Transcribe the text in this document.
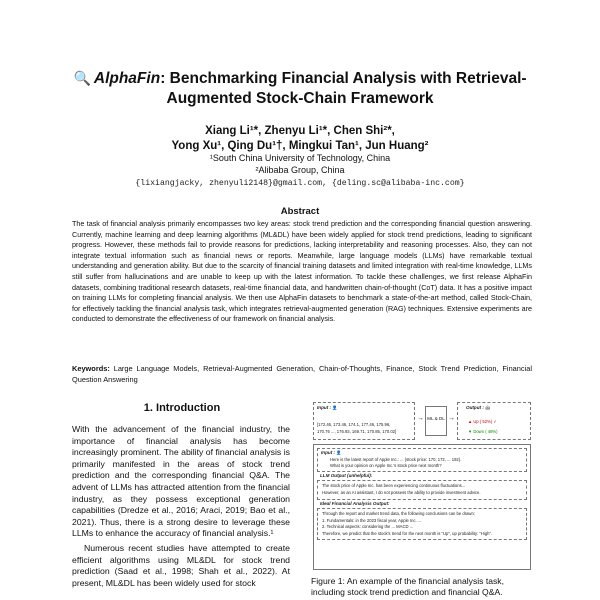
🔍 AlphaFin: Benchmarking Financial Analysis with Retrieval-Augmented Stock-Chain Framework
Xiang Li¹*, Zhenyu Li¹*, Chen Shi²*,
Yong Xu¹, Qing Du¹†, Mingkui Tan¹, Jun Huang²
¹South China University of Technology, China
²Alibaba Group, China
{lixiangjacky, zhenyuli2148}@gmail.com, {deling.sc@alibaba-inc.com}
Abstract
The task of financial analysis primarily encompasses two key areas: stock trend prediction and the corresponding financial question answering. Currently, machine learning and deep learning algorithms (ML&DL) have been widely applied for stock trend predictions, leading to significant progress. However, these methods fail to provide reasons for predictions, lacking interpretability and reasoning processes. Also, they can not integrate textual information such as financial news or reports. Meanwhile, large language models (LLMs) have remarkable textual understanding and generation ability. But due to the scarcity of financial training datasets and limited integration with real-time knowledge, LLMs still suffer from hallucinations and are unable to keep up with the latest information. To tackle these challenges, we first release AlphaFin datasets, combining traditional research datasets, real-time financial data, and handwritten chain-of-thought (CoT) data. It has a positive impact on training LLMs for completing financial analysis. We then use AlphaFin datasets to benchmark a state-of-the-art method, called Stock-Chain, for effectively tackling the financial analysis task, which integrates retrieval-augmented generation (RAG) techniques. Extensive experiments are conducted to demonstrate the effectiveness of our framework on financial analysis.
Keywords: Large Language Models, Retrieval-Augmented Generation, Chain-of-Thoughts, Finance, Stock Trend Prediction, Financial Question Answering
1. Introduction

With the advancement of the financial industry, the importance of financial analysis has become increasingly prominent. The ability of financial analysis is primarily manifested in the areas of stock trend prediction and the corresponding financial Q&A. The advent of LLMs has attracted attention from the financial industry, as they possess exceptional generation capabilities (Dredze et al., 2016; Araci, 2019; Bao et al., 2021). Thus, there is a strong desire to leverage these LLMs to enhance the accuracy of financial analysis.¹

Numerous recent studies have attempted to create efficient algorithms using ML&DL for stock trend prediction (Saad et al., 1998; Shah et al., 2022). At present, ML&DL has been widely used for stock

Input : 👤
[172.46, 173.46, 174.1, 177.46, 175.96,
170.76 ..., 176.93, 169.71, 170.85, 170.02]
→ ML & DL →
Output : 🤖
▲ Up ( 52%) ✓
▼ Down ( 48%)
Input : 👤
Here is the latest report of Apple Inc.: ... {stock price: 170, 172, ... 192}.
What is your opinion on Apple Inc.'s stock price next month?
LLM Output (unhelpful):
The stock price of Apple Inc. has been experiencing continuous fluctuations...
However, as an AI assistant, I do not possess the ability to provide investment advice.
Ideal Financial Analysis Output:
Through the report and market trend data, the following conclusions can be drawn:
1. Fundamentals: in the 2023 fiscal year, Apple Inc. ...
2. Technical aspects: considering the ... MACD ...
Therefore, we predict that the stock's trend for the next month is "Up", up probability: "High".
Figure 1: An example of the financial analysis task, including stock trend prediction and financial Q&A.
